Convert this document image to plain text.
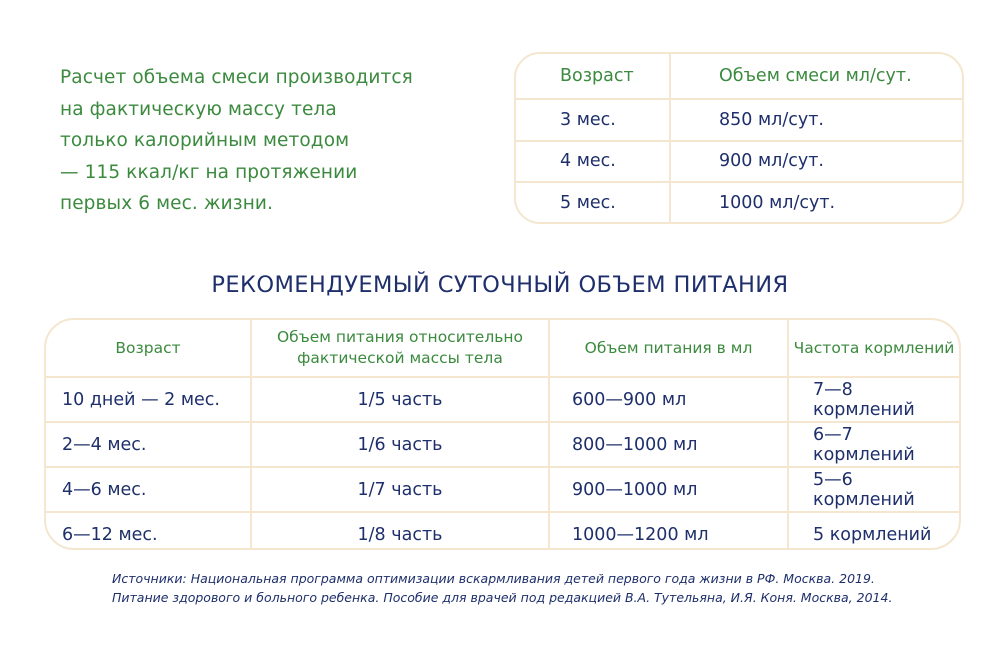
Расчет объема смеси производится
на фактическую массу тела
только калорийным методом
— 115 ккал/кг на протяжении
первых 6 мес. жизни.
Возраст	Объем смеси мл/сут.
3 мес.	850 мл/сут.
4 мес.	900 мл/сут.
5 мес.	1000 мл/сут.
РЕКОМЕНДУЕМЫЙ СУТОЧНЫЙ ОБЪЕМ ПИТАНИЯ
Возраст	Объем питания относительно фактической массы тела	Объем питания в мл	Частота кормлений
10 дней — 2 мес.	1/5 часть	600—900 мл	7—8 кормлений
2—4 мес.	1/6 часть	800—1000 мл	6—7 кормлений
4—6 мес.	1/7 часть	900—1000 мл	5—6 кормлений
6—12 мес.	1/8 часть	1000—1200 мл	5 кормлений
Источники: Национальная программа оптимизации вскармливания детей первого года жизни в РФ. Москва. 2019.
Питание здорового и больного ребенка. Пособие для врачей под редакцией В.А. Тутельяна, И.Я. Коня. Москва, 2014.
